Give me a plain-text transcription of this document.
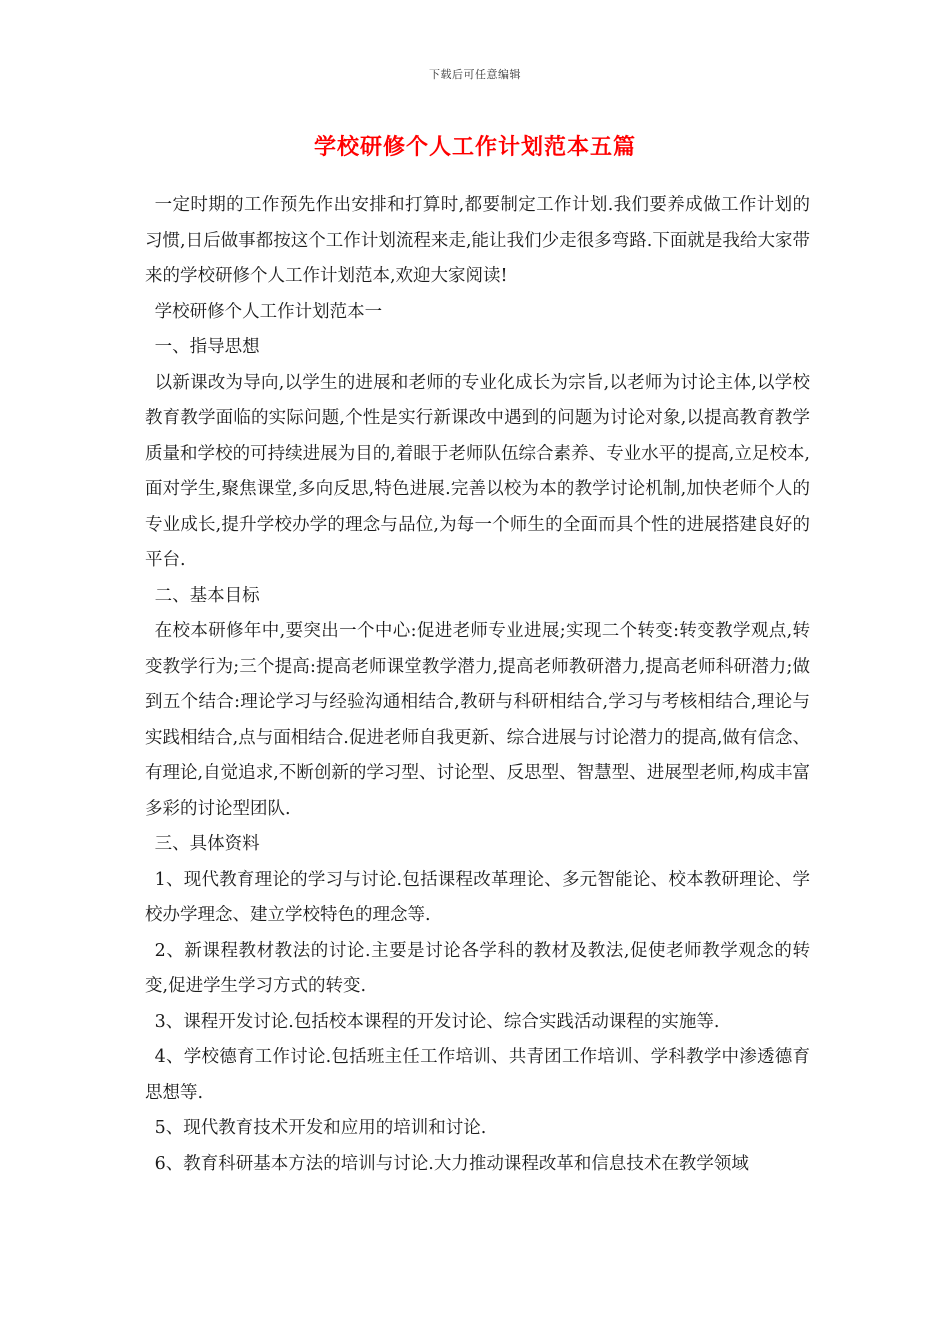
下载后可任意编辑
学校研修个人工作计划范本五篇

一定时期的工作预先作出安排和打算时,都要制定工作计划.我们要养成做工作计划的习惯,日后做事都按这个工作计划流程来走,能让我们少走很多弯路.下面就是我给大家带来的学校研修个人工作计划范本,欢迎大家阅读!

学校研修个人工作计划范本一

一、指导思想

以新课改为导向,以学生的进展和老师的专业化成长为宗旨,以老师为讨论主体,以学校教育教学面临的实际问题,个性是实行新课改中遇到的问题为讨论对象,以提高教育教学质量和学校的可持续进展为目的,着眼于老师队伍综合素养、专业水平的提高,立足校本,面对学生,聚焦课堂,多向反思,特色进展.完善以校为本的教学讨论机制,加快老师个人的专业成长,提升学校办学的理念与品位,为每一个师生的全面而具个性的进展搭建良好的平台.

二、基本目标

在校本研修年中,要突出一个中心:促进老师专业进展;实现二个转变:转变教学观点,转变教学行为;三个提高:提高老师课堂教学潜力,提高老师教研潜力,提高老师科研潜力;做到五个结合:理论学习与经验沟通相结合,教研与科研相结合,学习与考核相结合,理论与实践相结合,点与面相结合.促进老师自我更新、综合进展与讨论潜力的提高,做有信念、有理论,自觉追求,不断创新的学习型、讨论型、反思型、智慧型、进展型老师,构成丰富多彩的讨论型团队.

三、具体资料

1、现代教育理论的学习与讨论.包括课程改革理论、多元智能论、校本教研理论、学校办学理念、建立学校特色的理念等.

2、新课程教材教法的讨论.主要是讨论各学科的教材及教法,促使老师教学观念的转变,促进学生学习方式的转变.

3、课程开发讨论.包括校本课程的开发讨论、综合实践活动课程的实施等.

4、学校德育工作讨论.包括班主任工作培训、共青团工作培训、学科教学中渗透德育思想等.

5、现代教育技术开发和应用的培训和讨论.

6、教育科研基本方法的培训与讨论.大力推动课程改革和信息技术在教学领域
